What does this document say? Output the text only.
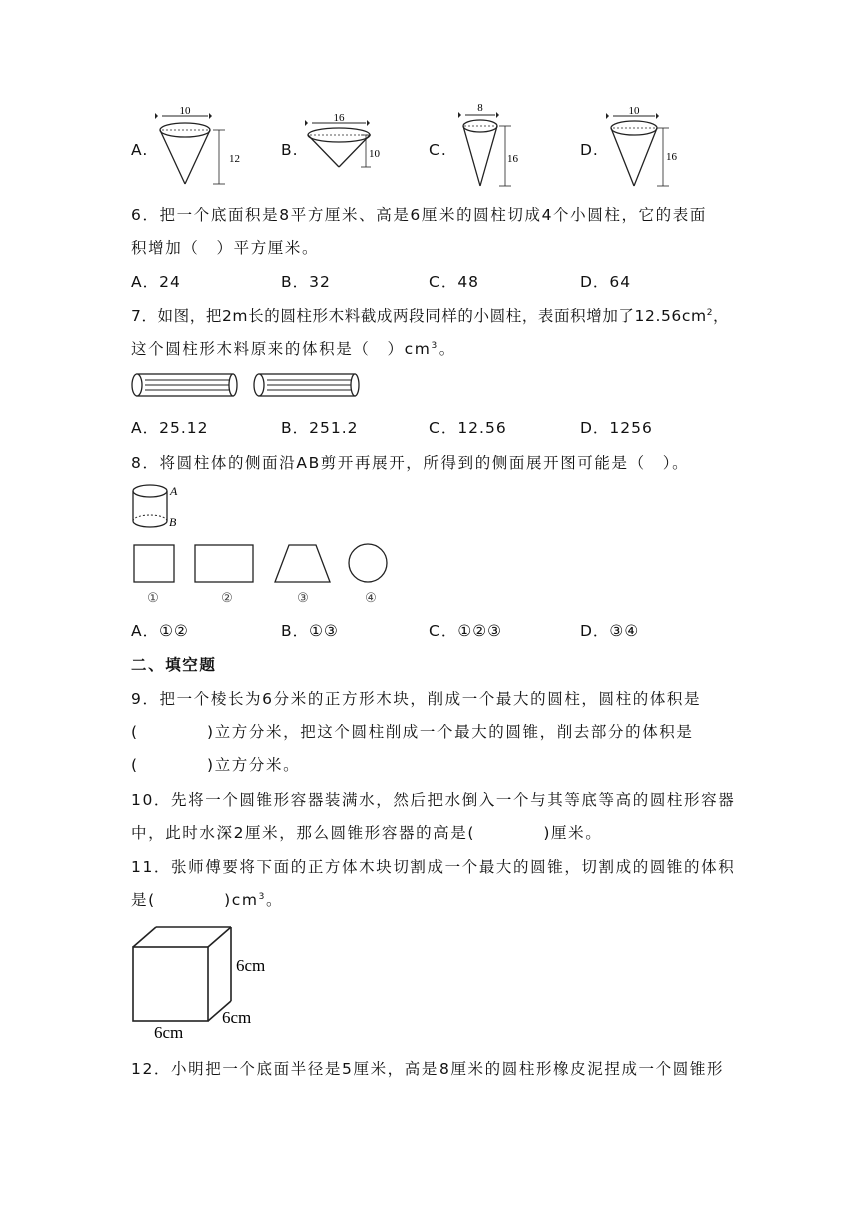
A.
10
12	B.
16
10	C.
8
16	D.
10
16
6．把一个底面积是8平方厘米、高是6厘米的圆柱切成4个小圆柱，它的表面
积增加（　）平方厘米。
A．24	B．32	C．48	D．64
7．如图，把2m长的圆柱形木料截成两段同样的小圆柱，表面积增加了$12.56cm^2$，
这个圆柱形木料原来的体积是（　）$cm^3$。
A．25.12	B．251.2	C．12.56	D．1256
8．将圆柱体的侧面沿AB剪开再展开，所得到的侧面展开图可能是（　）。
A
B
①	②	③	④
A．①②	B．①③	C．①②③	D．③④
二、填空题
9．把一个棱长为6分米的正方形木块，削成一个最大的圆柱，圆柱的体积是
(　　　　)立方分米，把这个圆柱削成一个最大的圆锥，削去部分的体积是
(　　　　)立方分米。
10．先将一个圆锥形容器装满水，然后把水倒入一个与其等底等高的圆柱形容器
中，此时水深2厘米，那么圆锥形容器的高是(　　　　)厘米。
11．张师傅要将下面的正方体木块切割成一个最大的圆锥，切割成的圆锥的体积
是(　　　　)$cm^3$。
6cm
6cm
6cm
12．小明把一个底面半径是5厘米，高是8厘米的圆柱形橡皮泥捏成一个圆锥形
